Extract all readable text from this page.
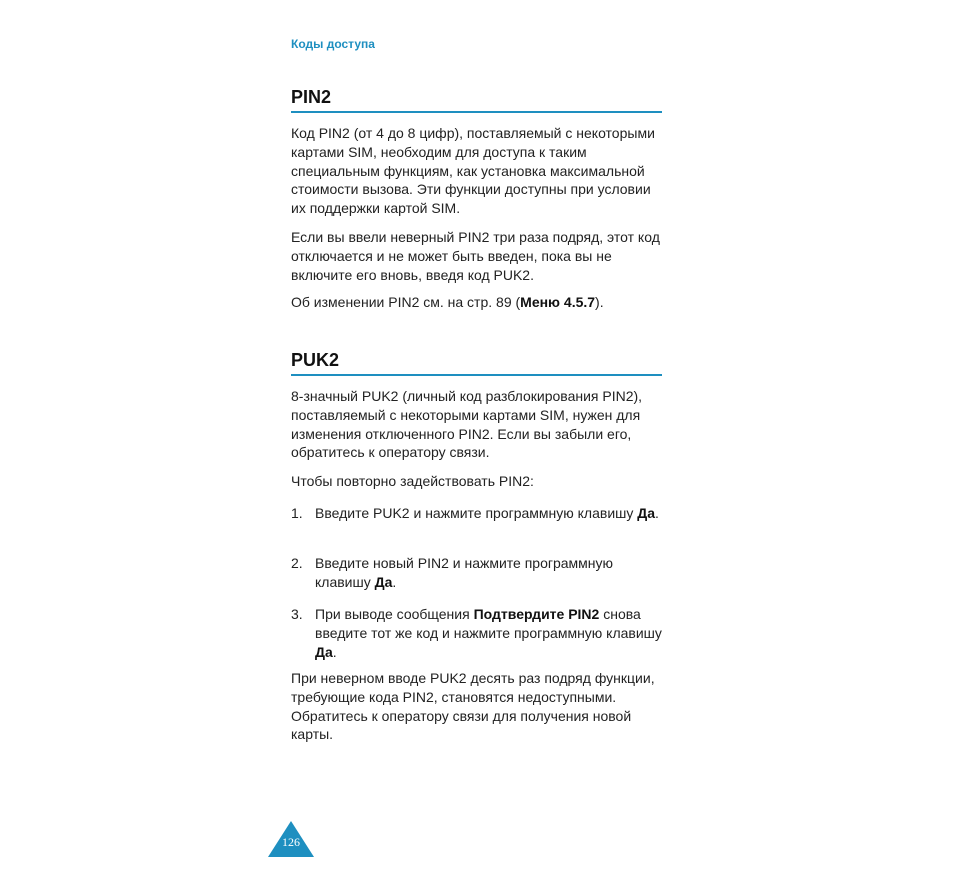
Коды доступа
PIN2

Код PIN2 (от 4 до 8 цифр), поставляемый с некоторыми картами SIM, необходим для доступа к таким специальным функциям, как установка максимальной стоимости вызова. Эти функции доступны при условии их поддержки картой SIM.

Если вы ввели неверный PIN2 три раза подряд, этот код отключается и не может быть введен, пока вы не включите его вновь, введя код PUK2.

Об изменении PIN2 см. на стр. 89 (Меню 4.5.7).

PUK2

8-значный PUK2 (личный код разблокирования PIN2), поставляемый с некоторыми картами SIM, нужен для изменения отключенного PIN2. Если вы забыли его, обратитесь к оператору связи.

Чтобы повторно задействовать PIN2:

1. Введите PUK2 и нажмите программную клавишу Да.
2. Введите новый PIN2 и нажмите программную клавишу Да.
3. При выводе сообщения Подтвердите PIN2 снова введите тот же код и нажмите программную клавишу Да.

При неверном вводе PUK2 десять раз подряд функции, требующие кода PIN2, становятся недоступными. Обратитесь к оператору связи для получения новой карты.

126
